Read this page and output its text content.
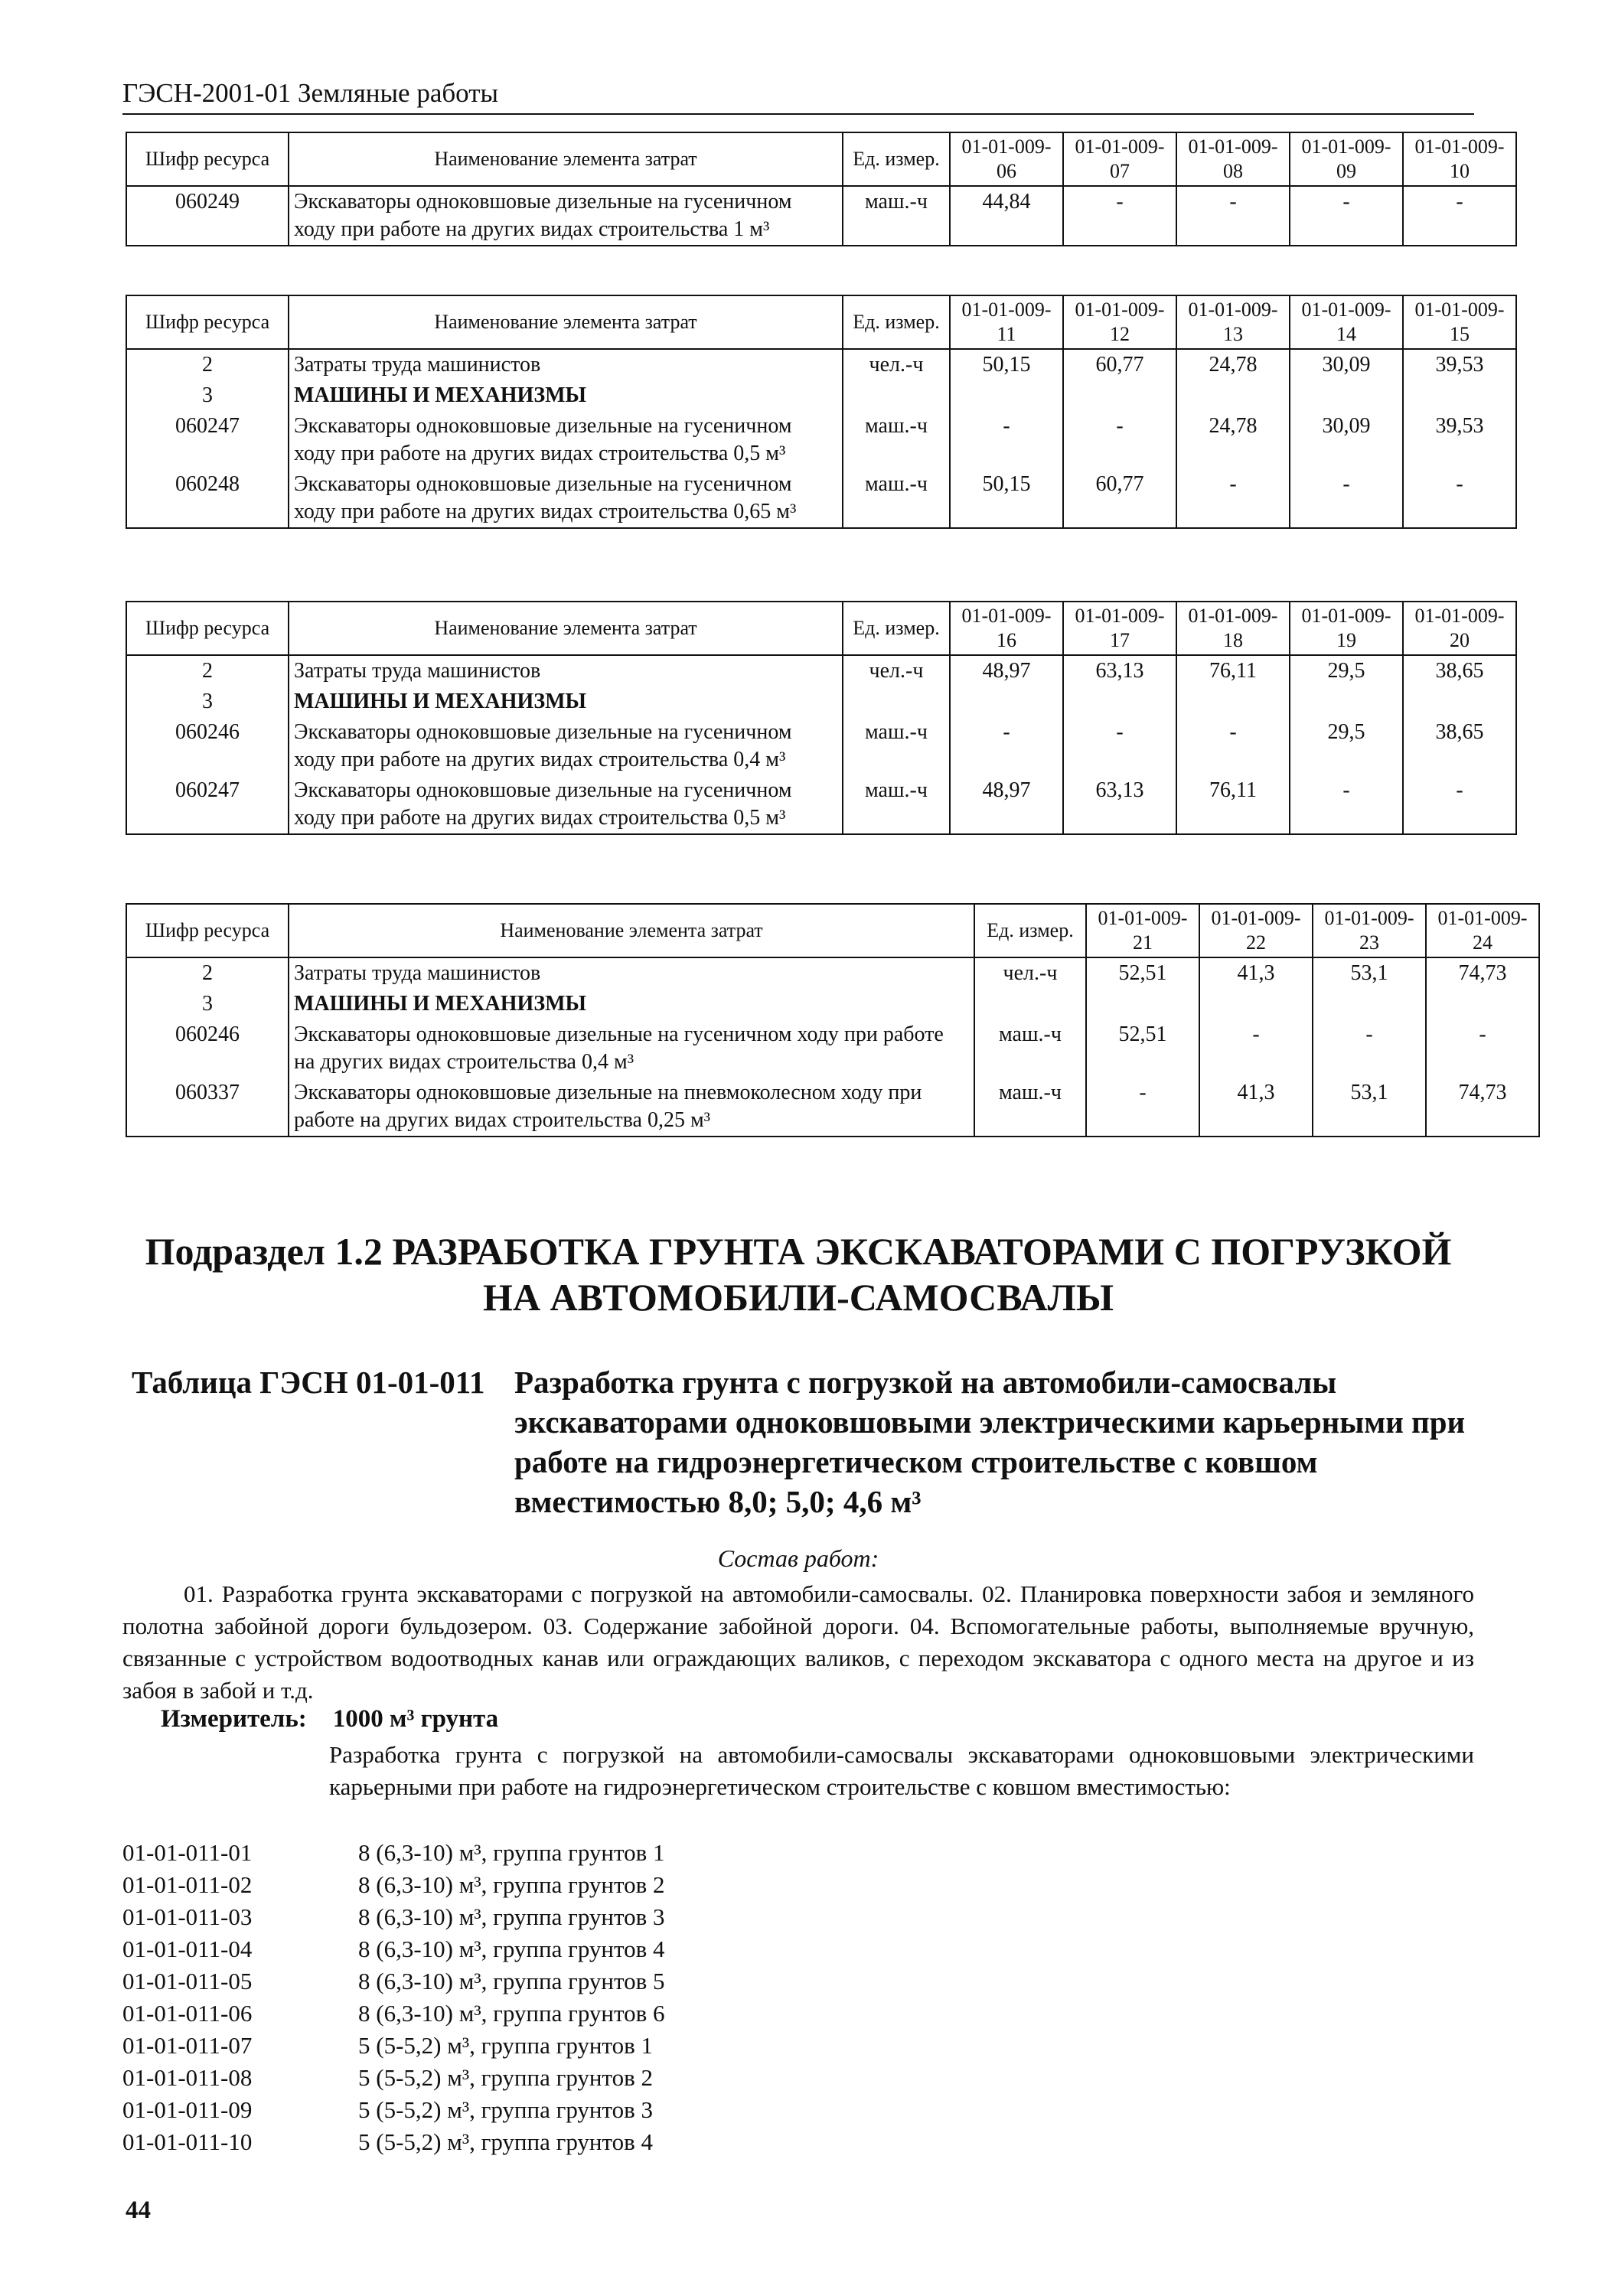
ГЭСН-2001-01 Земляные работы
Шифр ресурса	Наименование элемента затрат	Ед. измер.	01-01-009-06	01-01-009-07	01-01-009-08	01-01-009-09	01-01-009-10
060249	Экскаваторы одноковшовые дизельные на гусеничном ходу при работе на других видах строительства 1 м³	маш.-ч	44,84	-	-	-	-
Шифр ресурса	Наименование элемента затрат	Ед. измер.	01-01-009-11	01-01-009-12	01-01-009-13	01-01-009-14	01-01-009-15
2	Затраты труда машинистов	чел.-ч	50,15	60,77	24,78	30,09	39,53
3	МАШИНЫ И МЕХАНИЗМЫ						
060247	Экскаваторы одноковшовые дизельные на гусеничном ходу при работе на других видах строительства 0,5 м³	маш.-ч	-	-	24,78	30,09	39,53
060248	Экскаваторы одноковшовые дизельные на гусеничном ходу при работе на других видах строительства 0,65 м³	маш.-ч	50,15	60,77	-	-	-
Шифр ресурса	Наименование элемента затрат	Ед. измер.	01-01-009-16	01-01-009-17	01-01-009-18	01-01-009-19	01-01-009-20
2	Затраты труда машинистов	чел.-ч	48,97	63,13	76,11	29,5	38,65
3	МАШИНЫ И МЕХАНИЗМЫ						
060246	Экскаваторы одноковшовые дизельные на гусеничном ходу при работе на других видах строительства 0,4 м³	маш.-ч	-	-	-	29,5	38,65
060247	Экскаваторы одноковшовые дизельные на гусеничном ходу при работе на других видах строительства 0,5 м³	маш.-ч	48,97	63,13	76,11	-	-
Шифр ресурса	Наименование элемента затрат	Ед. измер.	01-01-009-21	01-01-009-22	01-01-009-23	01-01-009-24
2	Затраты труда машинистов	чел.-ч	52,51	41,3	53,1	74,73
3	МАШИНЫ И МЕХАНИЗМЫ					
060246	Экскаваторы одноковшовые дизельные на гусеничном ходу при работе на других видах строительства 0,4 м³	маш.-ч	52,51	-	-	-
060337	Экскаваторы одноковшовые дизельные на пневмоколесном ходу при работе на других видах строительства 0,25 м³	маш.-ч	-	41,3	53,1	74,73
Подраздел 1.2 РАЗРАБОТКА ГРУНТА ЭКСКАВАТОРАМИ С ПОГРУЗКОЙ НА АВТОМОБИЛИ-САМОСВАЛЫ
Таблица ГЭСН 01-01-011 Разработка грунта с погрузкой на автомобили-самосвалы экскаваторами одноковшовыми электрическими карьерными при работе на гидроэнергетическом строительстве с ковшом вместимостью 8,0; 5,0; 4,6 м³
Состав работ:
01. Разработка грунта экскаваторами с погрузкой на автомобили-самосвалы. 02. Планировка поверхности забоя и земляного полотна забойной дороги бульдозером. 03. Содержание забойной дороги. 04. Вспомогательные работы, выполняемые вручную, связанные с устройством водоотводных канав или ограждающих валиков, с переходом экскаватора с одного места на другое и из забоя в забой и т.д.
Измеритель: 1000 м³ грунта
Разработка грунта с погрузкой на автомобили-самосвалы экскаваторами одноковшовыми электрическими карьерными при работе на гидроэнергетическом строительстве с ковшом вместимостью:
01-01-011-01	8 (6,3-10) м³, группа грунтов 1
01-01-011-02	8 (6,3-10) м³, группа грунтов 2
01-01-011-03	8 (6,3-10) м³, группа грунтов 3
01-01-011-04	8 (6,3-10) м³, группа грунтов 4
01-01-011-05	8 (6,3-10) м³, группа грунтов 5
01-01-011-06	8 (6,3-10) м³, группа грунтов 6
01-01-011-07	5 (5-5,2) м³, группа грунтов 1
01-01-011-08	5 (5-5,2) м³, группа грунтов 2
01-01-011-09	5 (5-5,2) м³, группа грунтов 3
01-01-011-10	5 (5-5,2) м³, группа грунтов 4
44
